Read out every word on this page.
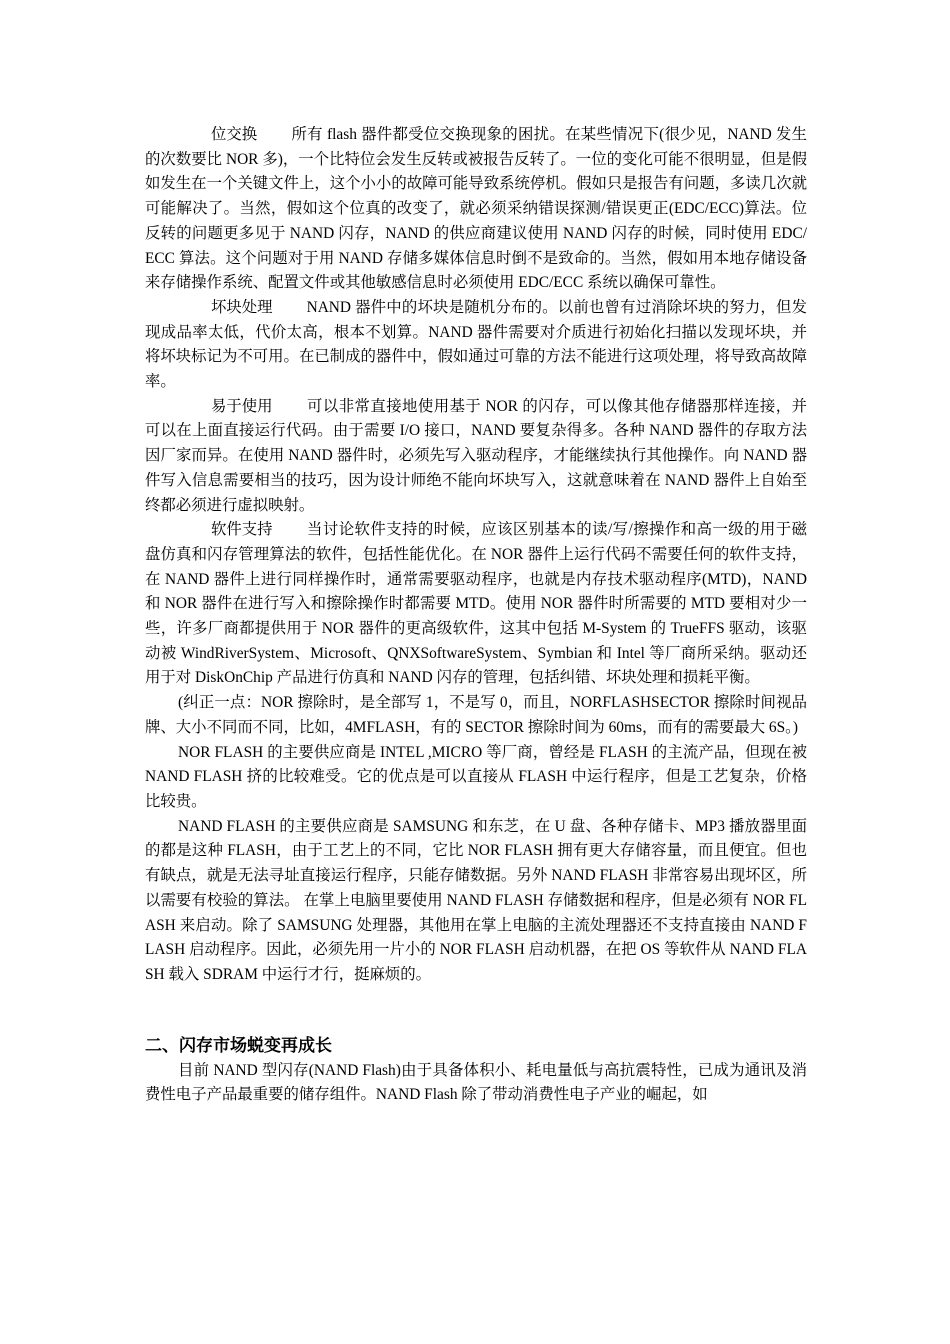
位交换 所有 flash 器件都受位交换现象的困扰。在某些情况下(很少见，NAND 发生的次数要比 NOR 多)，一个比特位会发生反转或被报告反转了。一位的变化可能不很明显，但是假如发生在一个关键文件上，这个小小的故障可能导致系统停机。假如只是报告有问题，多读几次就可能解决了。当然，假如这个位真的改变了，就必须采纳错误探测/错误更正(EDC/ECC)算法。位反转的问题更多见于 NAND 闪存，NAND 的供应商建议使用 NAND 闪存的时候，同时使用 EDC/ECC 算法。这个问题对于用 NAND 存储多媒体信息时倒不是致命的。当然，假如用本地存储设备来存储操作系统、配置文件或其他敏感信息时必须使用 EDC/ECC 系统以确保可靠性。

坏块处理 NAND 器件中的坏块是随机分布的。以前也曾有过消除坏块的努力，但发现成品率太低，代价太高，根本不划算。NAND 器件需要对介质进行初始化扫描以发现坏块，并将坏块标记为不可用。在已制成的器件中，假如通过可靠的方法不能进行这项处理，将导致高故障率。

易于使用 可以非常直接地使用基于 NOR 的闪存，可以像其他存储器那样连接，并可以在上面直接运行代码。由于需要 I/O 接口，NAND 要复杂得多。各种 NAND 器件的存取方法因厂家而异。在使用 NAND 器件时，必须先写入驱动程序，才能继续执行其他操作。向 NAND 器件写入信息需要相当的技巧，因为设计师绝不能向坏块写入，这就意味着在 NAND 器件上自始至终都必须进行虚拟映射。

软件支持 当讨论软件支持的时候，应该区别基本的读/写/擦操作和高一级的用于磁盘仿真和闪存管理算法的软件，包括性能优化。在 NOR 器件上运行代码不需要任何的软件支持，在 NAND 器件上进行同样操作时，通常需要驱动程序，也就是内存技术驱动程序(MTD)，NAND 和 NOR 器件在进行写入和擦除操作时都需要 MTD。使用 NOR 器件时所需要的 MTD 要相对少一些，许多厂商都提供用于 NOR 器件的更高级软件，这其中包括 M-System 的 TrueFFS 驱动，该驱动被 WindRiverSystem、Microsoft、QNXSoftwareSystem、Symbian 和 Intel 等厂商所采纳。驱动还用于对 DiskOnChip 产品进行仿真和 NAND 闪存的管理，包括纠错、坏块处理和损耗平衡。

(纠正一点：NOR 擦除时，是全部写 1，不是写 0，而且，NORFLASHSECTOR 擦除时间视品牌、大小不同而不同，比如，4MFLASH，有的 SECTOR 擦除时间为 60ms，而有的需要最大 6S。)

NOR FLASH 的主要供应商是 INTEL ,MICRO 等厂商，曾经是 FLASH 的主流产品，但现在被 NAND FLASH 挤的比较难受。它的优点是可以直接从 FLASH 中运行程序，但是工艺复杂，价格比较贵。

NAND FLASH 的主要供应商是 SAMSUNG 和东芝，在 U 盘、各种存储卡、MP3 播放器里面的都是这种 FLASH，由于工艺上的不同，它比 NOR FLASH 拥有更大存储容量，而且便宜。但也有缺点，就是无法寻址直接运行程序，只能存储数据。另外 NAND FLASH 非常容易出现坏区，所以需要有校验的算法。 在掌上电脑里要使用 NAND FLASH 存储数据和程序，但是必须有 NOR FLASH 来启动。除了 SAMSUNG 处理器，其他用在掌上电脑的主流处理器还不支持直接由 NAND FLASH 启动程序。因此，必须先用一片小的 NOR FLASH 启动机器，在把 OS 等软件从 NAND FLASH 载入 SDRAM 中运行才行，挺麻烦的。

二、闪存市场蜕变再成长

目前 NAND 型闪存(NAND Flash)由于具备体积小、耗电量低与高抗震特性，已成为通讯及消费性电子产品最重要的储存组件。NAND Flash 除了带动消费性电子产业的崛起，如
